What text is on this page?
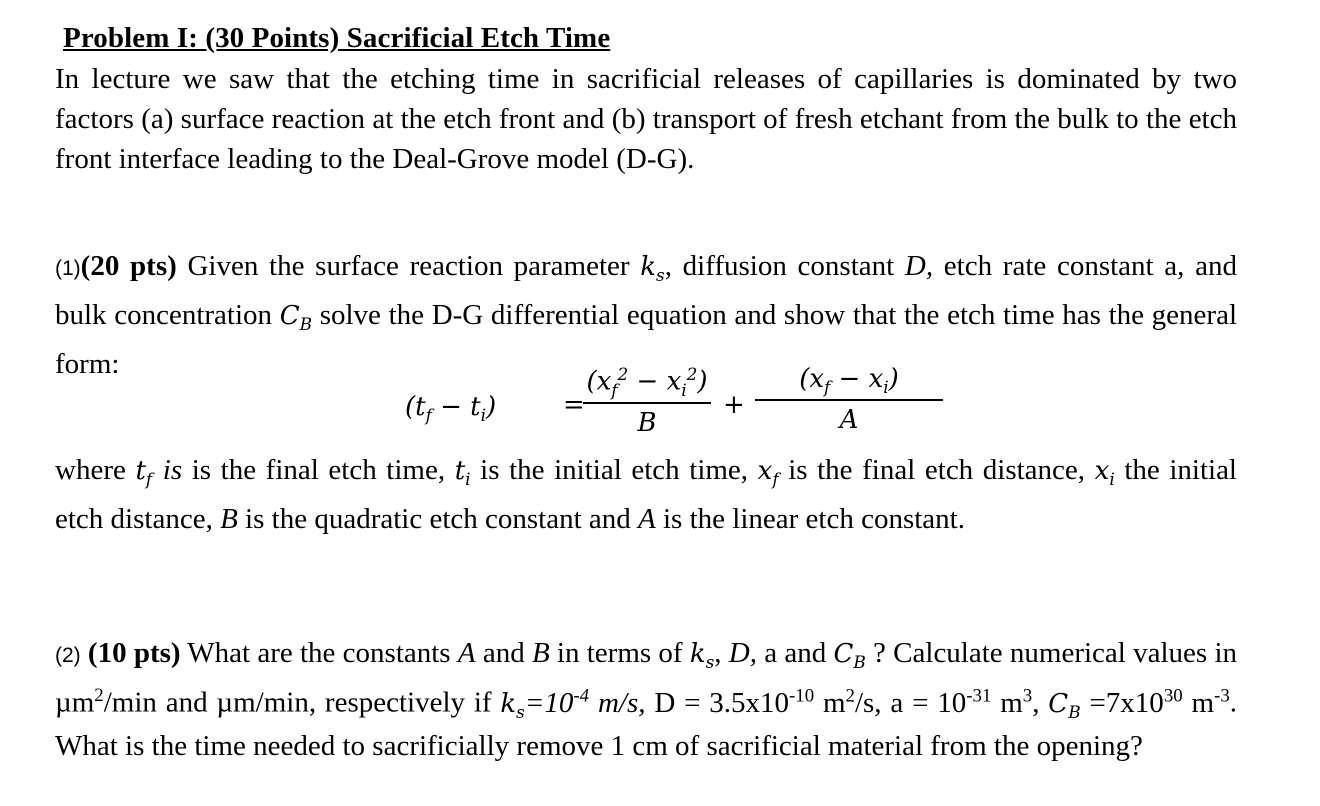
Problem I: (30 Points) Sacrificial Etch Time
In lecture we saw that the etching time in sacrificial releases of capillaries is dominated by two factors (a) surface reaction at the etch front and (b) transport of fresh etchant from the bulk to the etch front interface leading to the Deal-Grove model (D-G).
(1)(20 pts) Given the surface reaction parameter $k_s$, diffusion constant D, etch rate constant a, and bulk concentration $C_B$ solve the D-G differential equation and show that the etch time has the general form:
$(t_f - t_i)$	=
$(x_f^2 - x_i^2)$
B
+
$(x_f - x_i)$
A
where $t_f$ is is the final etch time, $t_i$ is the initial etch time, $x_f$ is the final etch distance, $x_i$ the initial etch distance, B is the quadratic etch constant and A is the linear etch constant.
(2) (10 pts) What are the constants A and B in terms of $k_s$, D, a and $C_B$ ? Calculate numerical values in µm$^2$/min and µm/min, respectively if $k_s=10^{-4}$ m/s, $D = 3.5x10^{-10}$ $m^2/s$, $a = 10^{-31}$ $m^3$, $C_B =7x10^{30}$ $m^{-3}$. What is the time needed to sacrificially remove 1 cm of sacrificial material from the opening?
